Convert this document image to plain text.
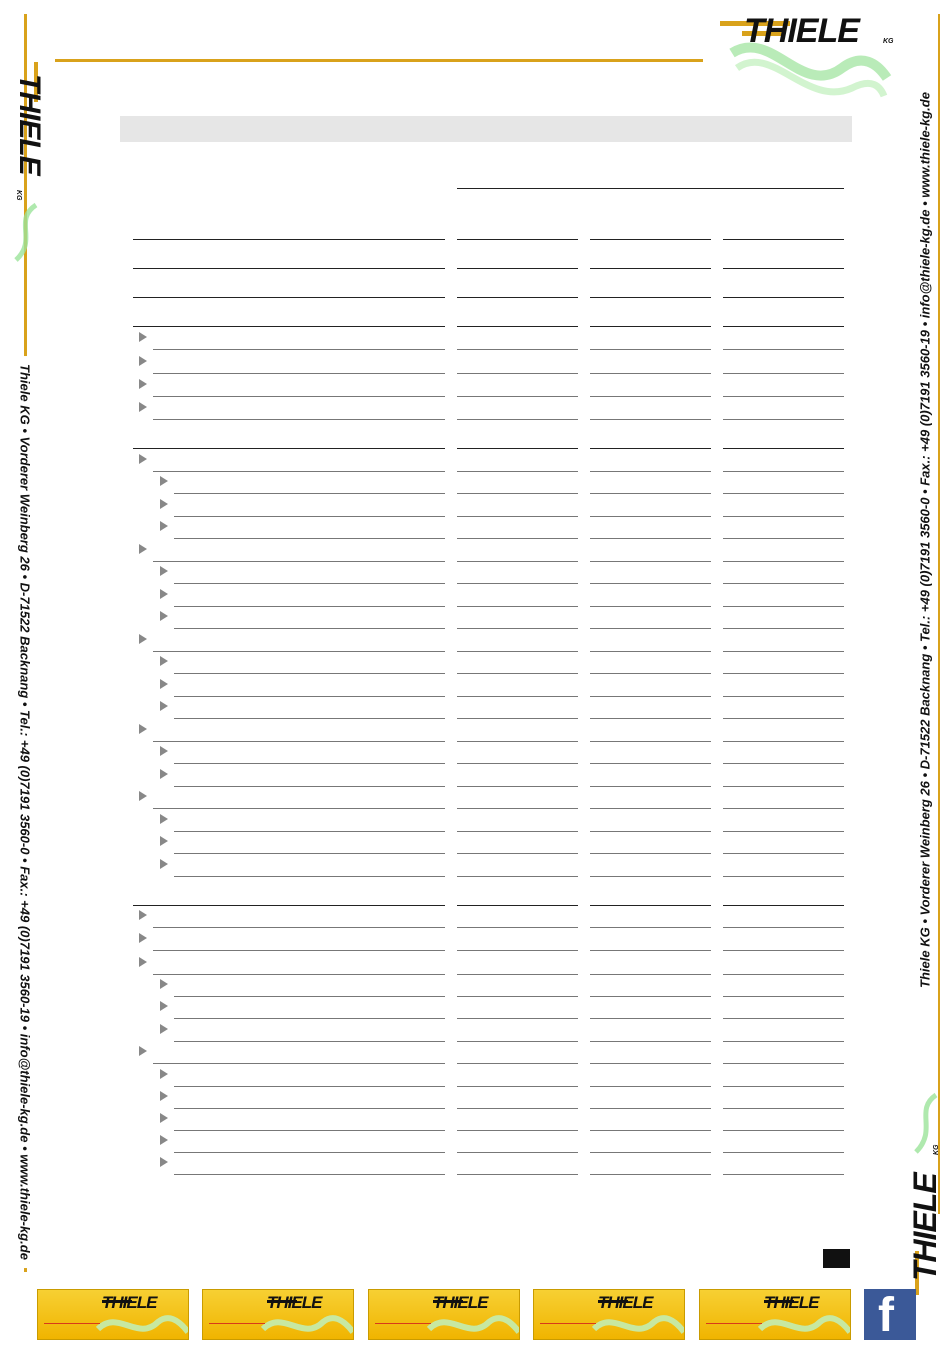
Thiele KG • Vorderer Weinberg 26 • D-71522 Backnang • Tel.: +49 (0)7191 3560-0 • Fax.: +49 (0)7191 3560-19 • info@thiele-kg.de • www.thiele-kg.de	Thiele KG • Vorderer Weinberg 26 • D-71522 Backnang • Tel.: +49 (0)7191 3560-0 • Fax.: +49 (0)7191 3560-19 • info@thiele-kg.de • www.thiele-kg.de
THIELE	KG
THIELE
KG
THIELE
KG
THIELE	THIELE	THIELE	THIELE	THIELE f
